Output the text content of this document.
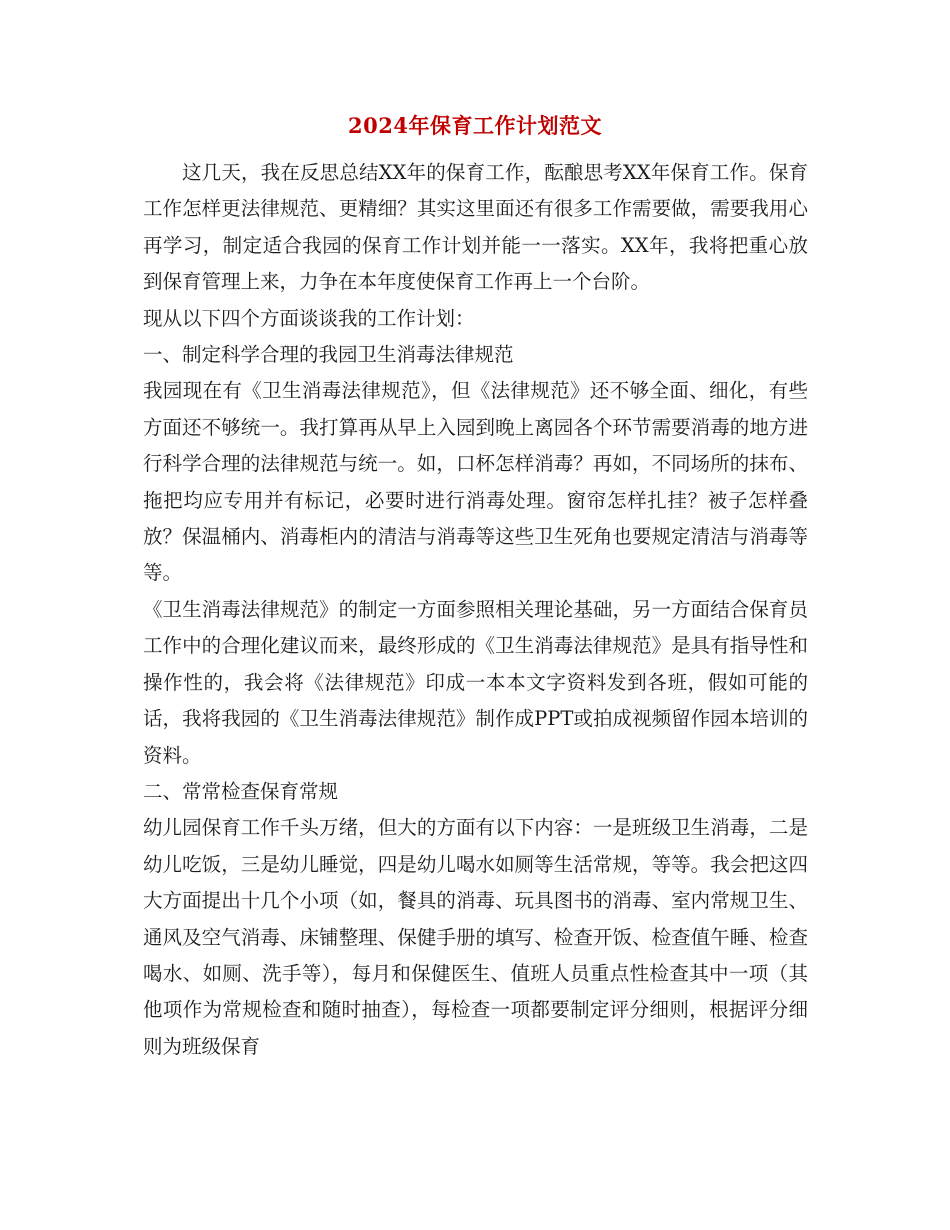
2024年保育工作计划范文

这几天，我在反思总结XX年的保育工作，酝酿思考XX年保育工作。保育工作怎样更法律规范、更精细？其实这里面还有很多工作需要做，需要我用心再学习，制定适合我园的保育工作计划并能一一落实。XX年，我将把重心放到保育管理上来，力争在本年度使保育工作再上一个台阶。

现从以下四个方面谈谈我的工作计划：

一、制定科学合理的我园卫生消毒法律规范

我园现在有《卫生消毒法律规范》，但《法律规范》还不够全面、细化，有些方面还不够统一。我打算再从早上入园到晚上离园各个环节需要消毒的地方进行科学合理的法律规范与统一。如，口杯怎样消毒？再如，不同场所的抹布、拖把均应专用并有标记，必要时进行消毒处理。窗帘怎样扎挂？被子怎样叠放？保温桶内、消毒柜内的清洁与消毒等这些卫生死角也要规定清洁与消毒等等。

《卫生消毒法律规范》的制定一方面参照相关理论基础，另一方面结合保育员工作中的合理化建议而来，最终形成的《卫生消毒法律规范》是具有指导性和操作性的，我会将《法律规范》印成一本本文字资料发到各班，假如可能的话，我将我园的《卫生消毒法律规范》制作成PPT或拍成视频留作园本培训的资料。

二、常常检查保育常规

幼儿园保育工作千头万绪，但大的方面有以下内容：一是班级卫生消毒，二是幼儿吃饭，三是幼儿睡觉，四是幼儿喝水如厕等生活常规，等等。我会把这四大方面提出十几个小项（如，餐具的消毒、玩具图书的消毒、室内常规卫生、通风及空气消毒、床铺整理、保健手册的填写、检查开饭、检查值午睡、检查喝水、如厕、洗手等），每月和保健医生、值班人员重点性检查其中一项（其他项作为常规检查和随时抽查），每检查一项都要制定评分细则，根据评分细则为班级保育
